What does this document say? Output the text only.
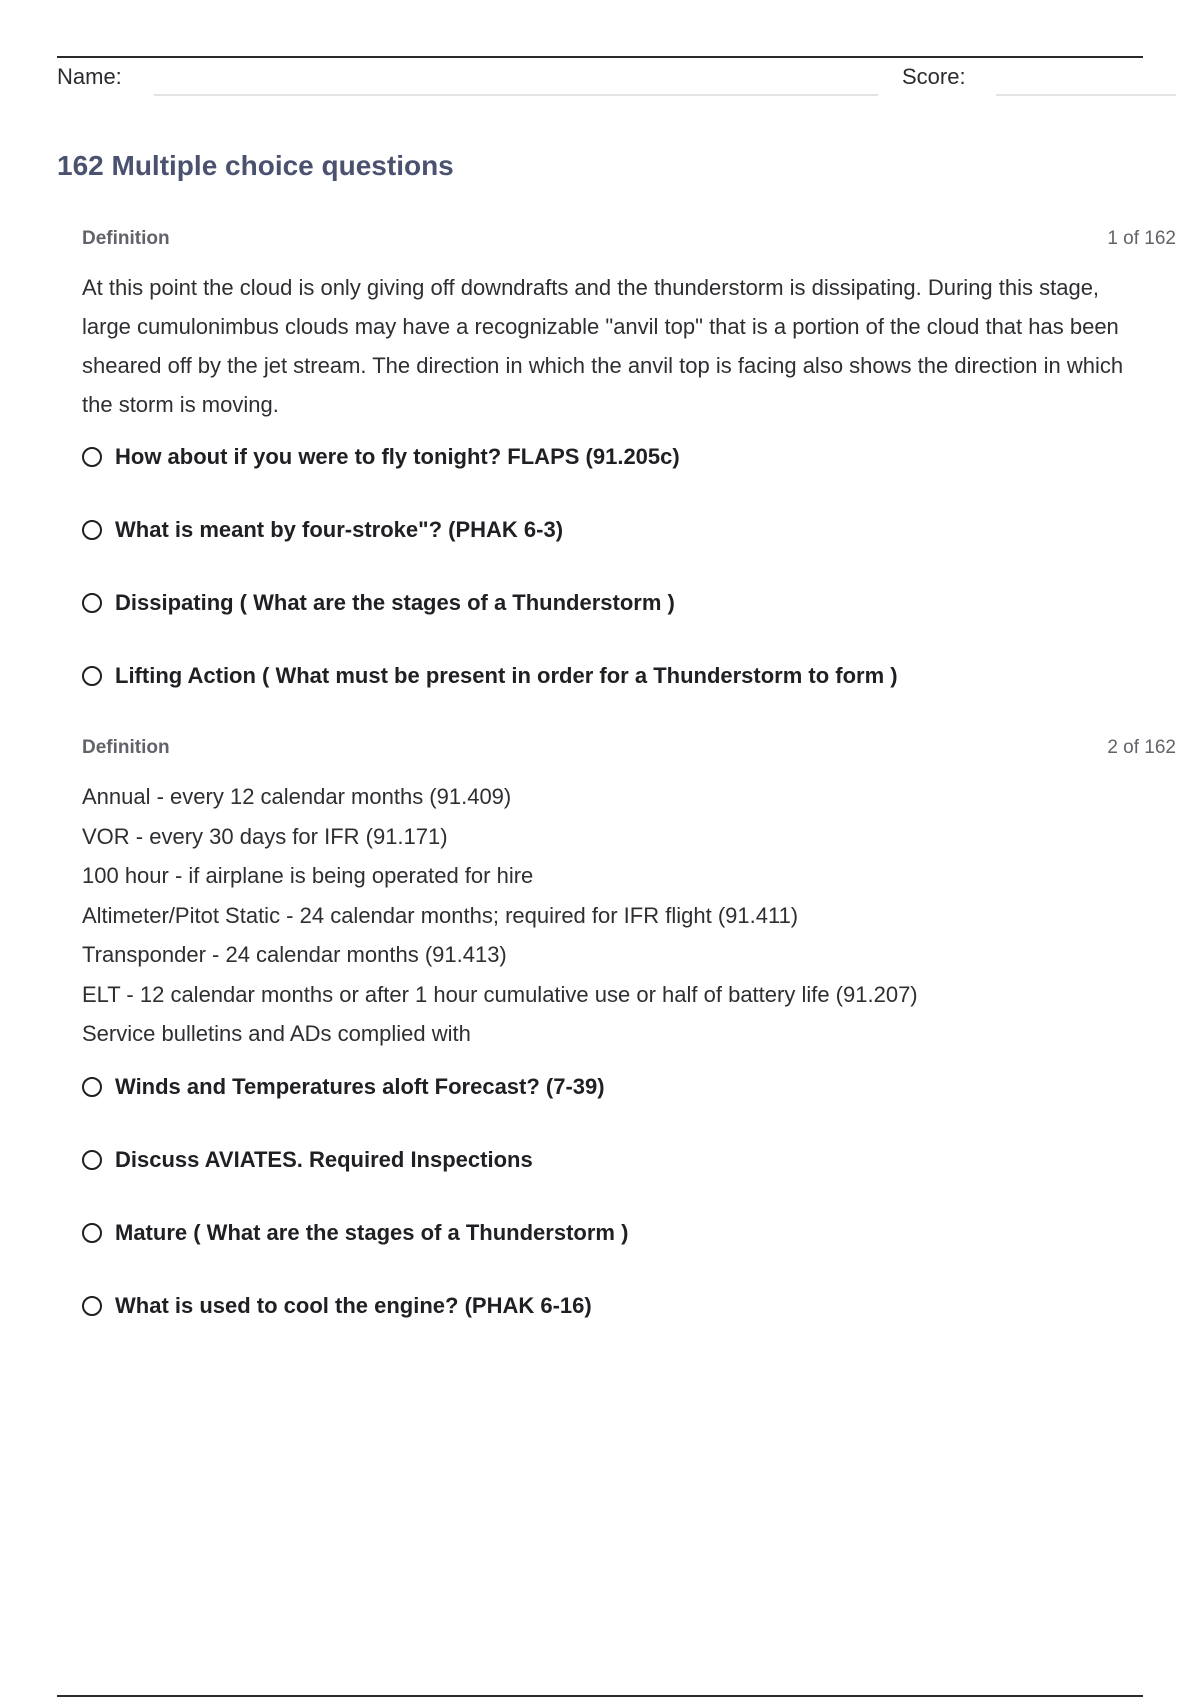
Name:	Score:
162 Multiple choice questions
Definition	1 of 162
At this point the cloud is only giving off downdrafts and the thunderstorm is dissipating. During this stage, large cumulonimbus clouds may have a recognizable "anvil top" that is a portion of the cloud that has been sheared off by the jet stream. The direction in which the anvil top is facing also shows the direction in which the storm is moving.
How about if you were to fly tonight? FLAPS (91.205c)
What is meant by four-stroke"? (PHAK 6-3)
Dissipating ( What are the stages of a Thunderstorm )
Lifting Action ( What must be present in order for a Thunderstorm to form )
Definition	2 of 162
Annual - every 12 calendar months (91.409)
VOR - every 30 days for IFR (91.171)
100 hour - if airplane is being operated for hire
Altimeter/Pitot Static - 24 calendar months; required for IFR flight (91.411)
Transponder - 24 calendar months (91.413)
ELT - 12 calendar months or after 1 hour cumulative use or half of battery life (91.207)
Service bulletins and ADs complied with
Winds and Temperatures aloft Forecast? (7-39)
Discuss AVIATES. Required Inspections
Mature ( What are the stages of a Thunderstorm )
What is used to cool the engine? (PHAK 6-16)
